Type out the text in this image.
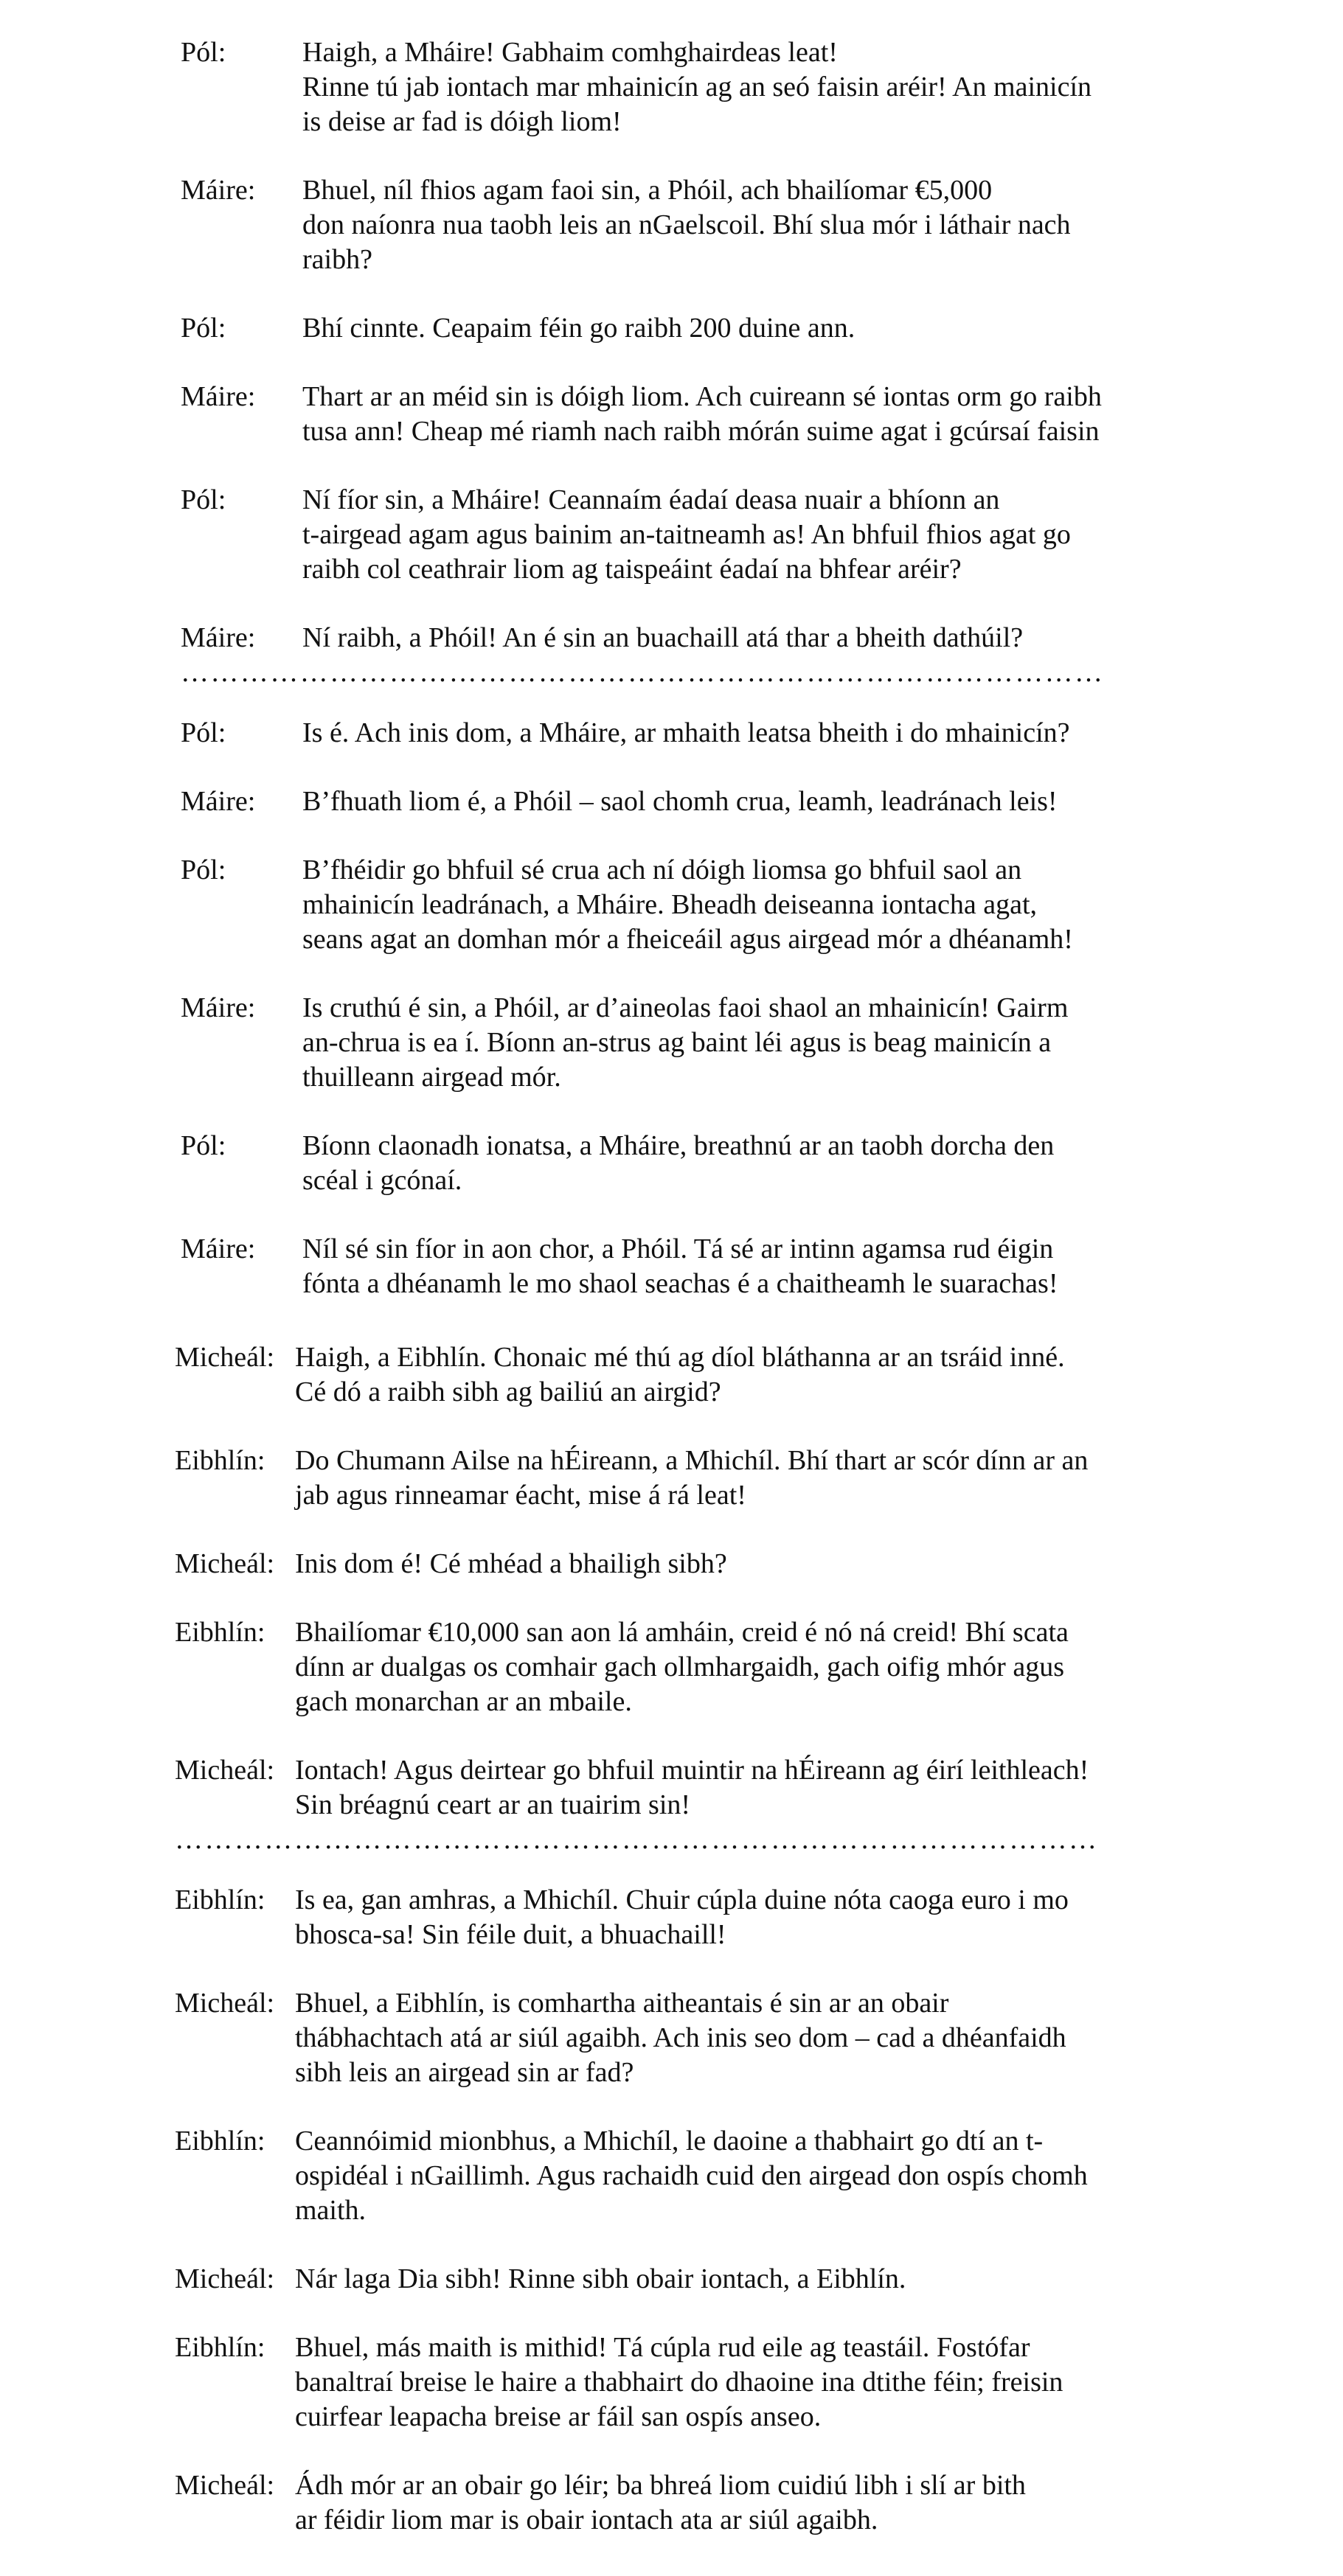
Pól:	Haigh, a Mháire! Gabhaim comhghairdeas leat!
Rinne tú jab iontach mar mhainicín ag an seó faisin aréir! An mainicín
is deise ar fad is dóigh liom!
Máire:	Bhuel, níl fhios agam faoi sin, a Phóil, ach bhailíomar €5,000
don naíonra nua taobh leis an nGaelscoil. Bhí slua mór i láthair nach
raibh?
Pól:	Bhí cinnte. Ceapaim féin go raibh 200 duine ann.
Máire:	Thart ar an méid sin is dóigh liom. Ach cuireann sé iontas orm go raibh
tusa ann! Cheap mé riamh nach raibh mórán suime agat i gcúrsaí faisin
Pól:	Ní fíor sin, a Mháire! Ceannaím éadaí deasa nuair a bhíonn an
t-airgead agam agus bainim an-taitneamh as! An bhfuil fhios agat go
raibh col ceathrair liom ag taispeáint éadaí na bhfear aréir?
Máire:	Ní raibh, a Phóil! An é sin an buachaill atá thar a bheith dathúil?
…………………………………………………………………………………
Pól:	Is é. Ach inis dom, a Mháire, ar mhaith leatsa bheith i do mhainicín?
Máire:	B’fhuath liom é, a Phóil – saol chomh crua, leamh, leadránach leis!
Pól:	B’fhéidir go bhfuil sé crua ach ní dóigh liomsa go bhfuil saol an
mhainicín leadránach, a Mháire. Bheadh deiseanna iontacha agat,
seans agat an domhan mór a fheiceáil agus airgead mór a dhéanamh!
Máire:	Is cruthú é sin, a Phóil, ar d’aineolas faoi shaol an mhainicín! Gairm
an-chrua is ea í. Bíonn an-strus ag baint léi agus is beag mainicín a
thuilleann airgead mór.
Pól:	Bíonn claonadh ionatsa, a Mháire, breathnú ar an taobh dorcha den
scéal i gcónaí.
Máire:	Níl sé sin fíor in aon chor, a Phóil. Tá sé ar intinn agamsa rud éigin
fónta a dhéanamh le mo shaol seachas é a chaitheamh le suarachas!
Micheál: Haigh, a Eibhlín. Chonaic mé thú ag díol bláthanna ar an tsráid inné.
Cé dó a raibh sibh ag bailiú an airgid?
Eibhlín:	Do Chumann Ailse na hÉireann, a Mhichíl. Bhí thart ar scór dínn ar an
jab agus rinneamar éacht, mise á rá leat!
Micheál: Inis dom é! Cé mhéad a bhailigh sibh?
Eibhlín:	Bhailíomar €10,000 san aon lá amháin, creid é nó ná creid! Bhí scata
dínn ar dualgas os comhair gach ollmhargaidh, gach oifig mhór agus
gach monarchan ar an mbaile.
Micheál: Iontach! Agus deirtear go bhfuil muintir na hÉireann ag éirí leithleach!
Sin bréagnú ceart ar an tuairim sin!
…………………………………………………………………………………
Eibhlín:	Is ea, gan amhras, a Mhichíl. Chuir cúpla duine nóta caoga euro i mo
bhosca-sa! Sin féile duit, a bhuachaill!
Micheál: Bhuel, a Eibhlín, is comhartha aitheantais é sin ar an obair
thábhachtach atá ar siúl agaibh. Ach inis seo dom – cad a dhéanfaidh
sibh leis an airgead sin ar fad?
Eibhlín:	Ceannóimid mionbhus, a Mhichíl, le daoine a thabhairt go dtí an t-
ospidéal i nGaillimh. Agus rachaidh cuid den airgead don ospís chomh
maith.
Micheál: Nár laga Dia sibh! Rinne sibh obair iontach, a Eibhlín.
Eibhlín:	Bhuel, más maith is mithid! Tá cúpla rud eile ag teastáil. Fostófar
banaltraí breise le haire a thabhairt do dhaoine ina dtithe féin; freisin
cuirfear leapacha breise ar fáil san ospís anseo.
Micheál: Ádh mór ar an obair go léir; ba bhreá liom cuidiú libh i slí ar bith
ar féidir liom mar is obair iontach ata ar siúl agaibh.
